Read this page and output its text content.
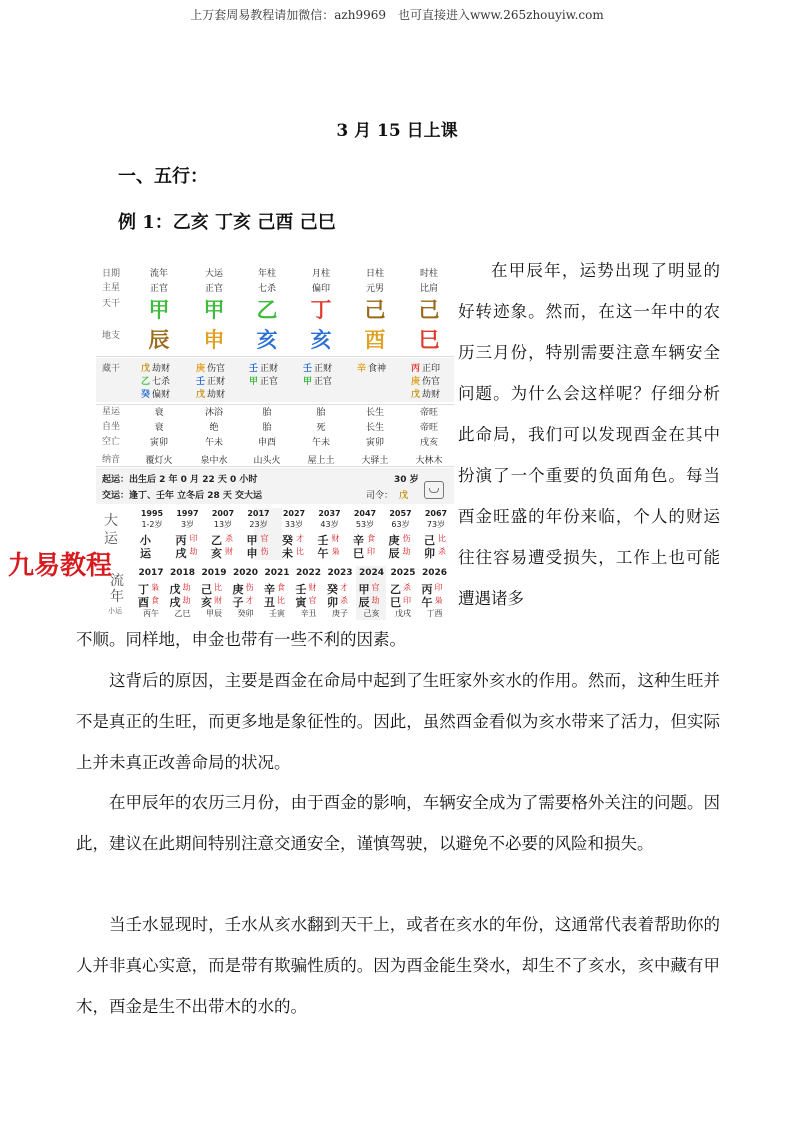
上万套周易教程请加微信：azh9969　也可直接进入www.265zhouyiw.com
3 月 15 日上课
一、五行：
例 1：乙亥 丁亥 己酉 己巳
日期
主星
天干
地支
藏干
星运
自坐
空亡
纳音
流年
正官
甲
辰
戊 劫财
乙 七杀
癸 偏财
衰
衰
寅卯
覆灯火
大运
正官
甲
申
庚 伤官
壬 正财
戊 劫财
沐浴
绝
午未
泉中水
年柱
七杀
乙
亥
壬 正财
甲 正官
胎
胎
申酉
山头火
月柱
偏印
丁
亥
壬 正财
甲 正官
胎
死
午未
屋上土
日柱
元男
己
酉
辛 食神
长生
长生
寅卯
大驿土
时柱
比肩
己
巳
丙 正印
庚 伤官
戊 劫财
帝旺
帝旺
戌亥
大林木
起运：出生后 2 年 0 月 22 天 0 小时	30 岁
交运：逢丁、壬年 立冬后 28 天 交大运	司令： 戊
大
运
1995
1-2岁
小
运
1997
3岁
丙
戌
印
劫
2007
13岁
乙
亥
杀
财
2017
23岁
甲
申
官
伤
2027
33岁
癸
未
才
比
2037
43岁
壬
午
财
枭
2047
53岁
辛
巳
食
印
2057
63岁
庚
辰
伤
劫
2067
73岁
己
卯
比
杀
流
年
小运
2017
丁
酉
枭
食
丙午
2018
戊
戌
劫
劫
乙巳
2019
己
亥
比
财
甲辰
2020
庚
子
伤
才
癸卯
2021
辛
丑
食
比
壬寅
2022
壬
寅
财
官
辛丑
2023
癸
卯
才
杀
庚子
2024
甲
辰
官
劫
己亥
2025
乙
巳
杀
印
戊戌
2026
丙
午
印
枭
丁酉
九易教程
在甲辰年，运势出现了明显的好转迹象。然而，在这一年中的农历三月份，特别需要注意车辆安全问题。为什么会这样呢？仔细分析此命局，我们可以发现酉金在其中扮演了一个重要的负面角色。每当酉金旺盛的年份来临，个人的财运往往容易遭受损失，工作上也可能遭遇诸多
不顺。同样地，申金也带有一些不利的因素。
这背后的原因，主要是酉金在命局中起到了生旺家外亥水的作用。然而，这种生旺并不是真正的生旺，而更多地是象征性的。因此，虽然酉金看似为亥水带来了活力，但实际上并未真正改善命局的状况。
在甲辰年的农历三月份，由于酉金的影响，车辆安全成为了需要格外关注的问题。因此，建议在此期间特别注意交通安全，谨慎驾驶，以避免不必要的风险和损失。
当壬水显现时，壬水从亥水翻到天干上，或者在亥水的年份，这通常代表着帮助你的人并非真心实意，而是带有欺骗性质的。因为酉金能生癸水，却生不了亥水，亥中藏有甲木，酉金是生不出带木的水的。
